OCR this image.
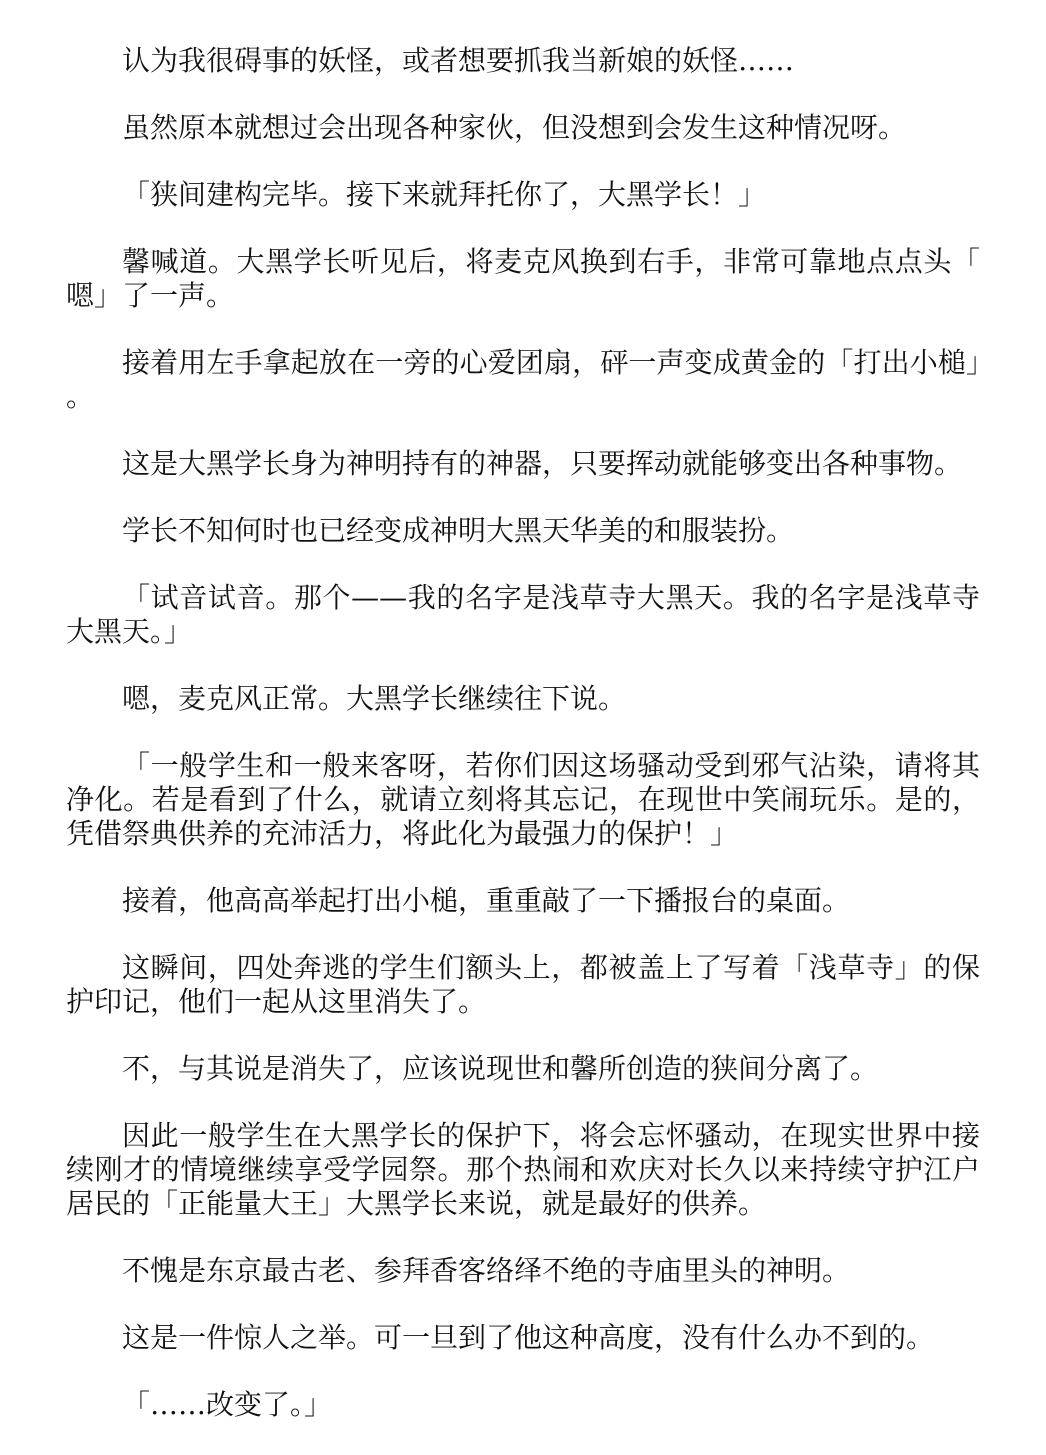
认为我很碍事的妖怪，或者想要抓我当新娘的妖怪……

虽然原本就想过会出现各种家伙，但没想到会发生这种情况呀。

「狭间建构完毕。接下来就拜托你了，大黑学长！」

馨喊道。大黑学长听见后，将麦克风换到右手，非常可靠地点点头「嗯」了一声。

接着用左手拿起放在一旁的心爱团扇，砰一声变成黄金的「打出小槌」。

这是大黑学长身为神明持有的神器，只要挥动就能够变出各种事物。

学长不知何时也已经变成神明大黑天华美的和服装扮。

「试音试音。那个——我的名字是浅草寺大黑天。我的名字是浅草寺大黑天。」

嗯，麦克风正常。大黑学长继续往下说。

「一般学生和一般来客呀，若你们因这场骚动受到邪气沾染，请将其净化。若是看到了什么，就请立刻将其忘记，在现世中笑闹玩乐。是的，凭借祭典供养的充沛活力，将此化为最强力的保护！」

接着，他高高举起打出小槌，重重敲了一下播报台的桌面。

这瞬间，四处奔逃的学生们额头上，都被盖上了写着「浅草寺」的保护印记，他们一起从这里消失了。

不，与其说是消失了，应该说现世和馨所创造的狭间分离了。

因此一般学生在大黑学长的保护下，将会忘怀骚动，在现实世界中接续刚才的情境继续享受学园祭。那个热闹和欢庆对长久以来持续守护江户居民的「正能量大王」大黑学长来说，就是最好的供养。

不愧是东京最古老、参拜香客络绎不绝的寺庙里头的神明。

这是一件惊人之举。可一旦到了他这种高度，没有什么办不到的。

「……改变了。」
